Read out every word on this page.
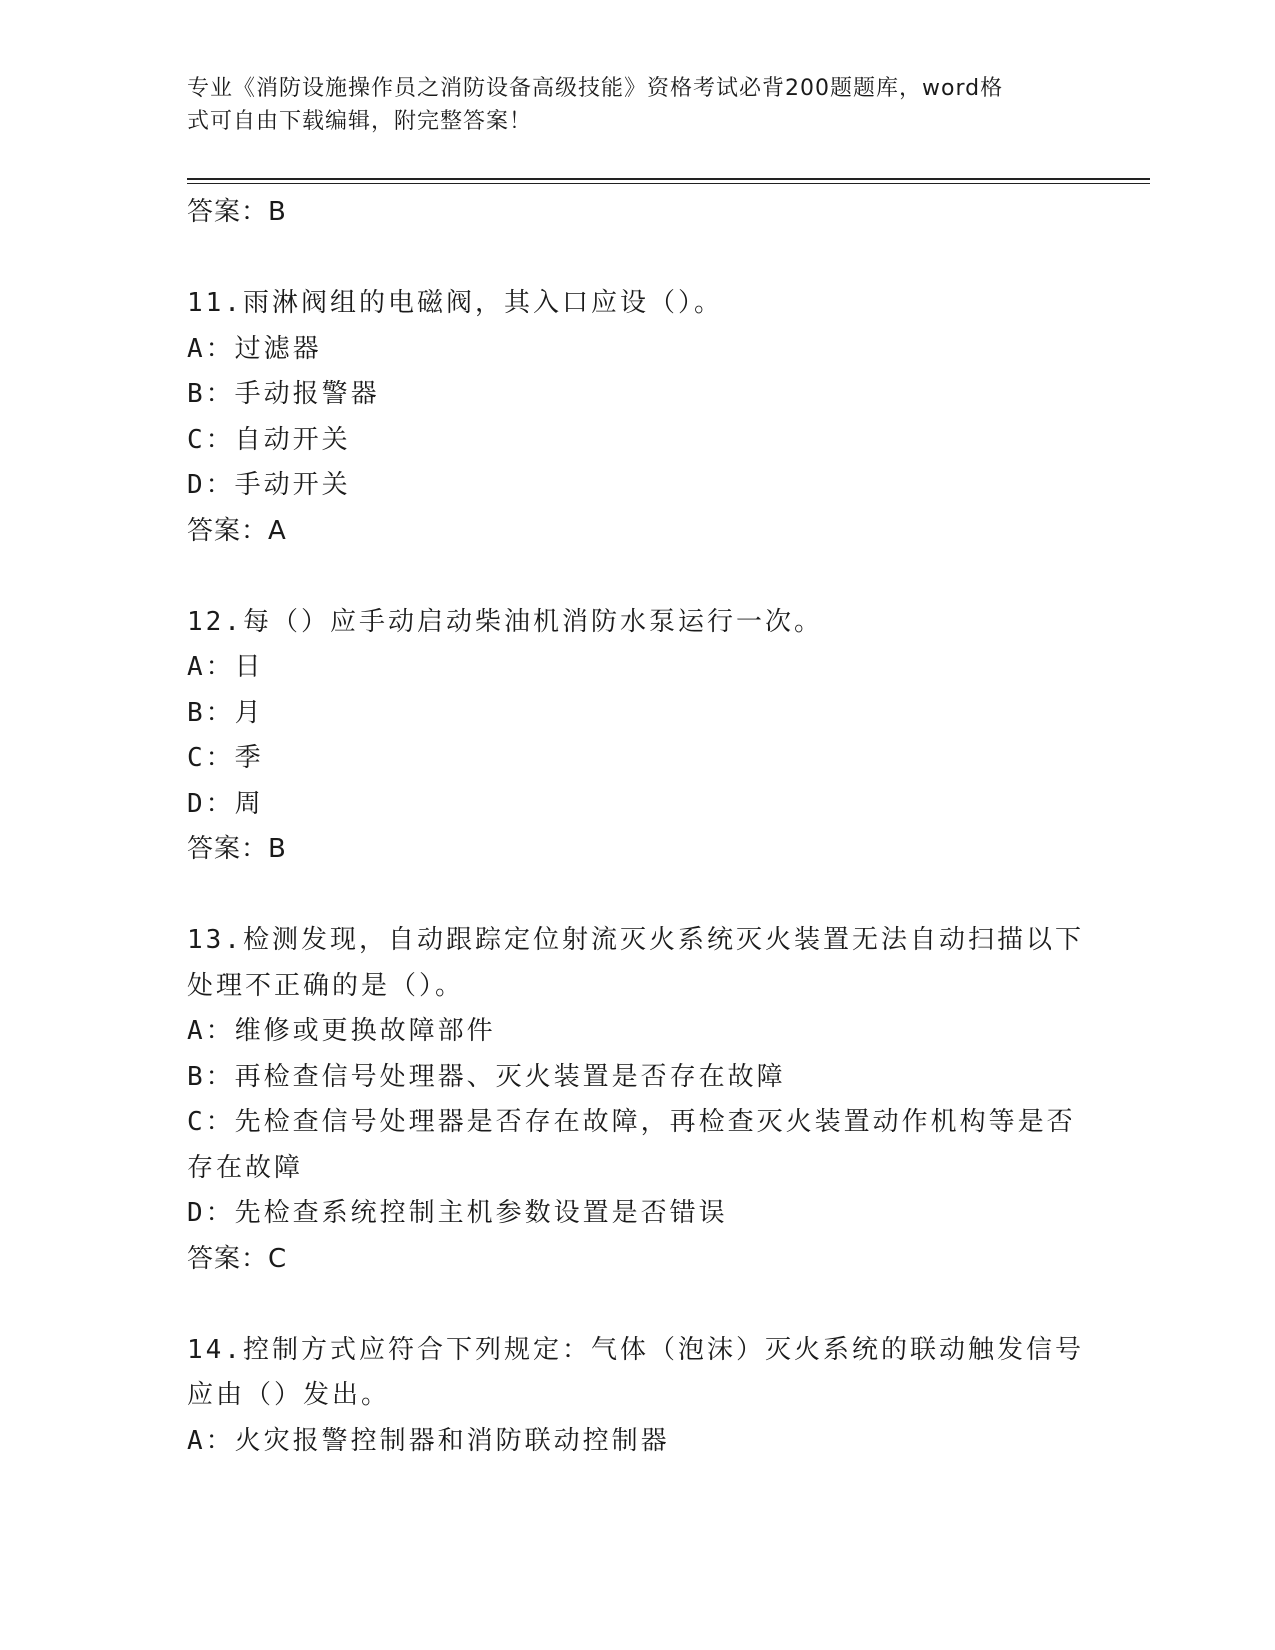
专业《消防设施操作员之消防设备高级技能》资格考试必背200题题库，word格
式可自由下载编辑，附完整答案！
答案：B
11.雨淋阀组的电磁阀，其入口应设（）。
A：过滤器
B：手动报警器
C：自动开关
D：手动开关
答案：A
12.每（）应手动启动柴油机消防水泵运行一次。
A：日
B：月
C：季
D：周
答案：B
13.检测发现，自动跟踪定位射流灭火系统灭火装置无法自动扫描以下
处理不正确的是（）。
A：维修或更换故障部件
B：再检查信号处理器、灭火装置是否存在故障
C：先检查信号处理器是否存在故障，再检查灭火装置动作机构等是否
存在故障
D：先检查系统控制主机参数设置是否错误
答案：C
14.控制方式应符合下列规定：气体（泡沫）灭火系统的联动触发信号
应由（）发出。
A：火灾报警控制器和消防联动控制器
